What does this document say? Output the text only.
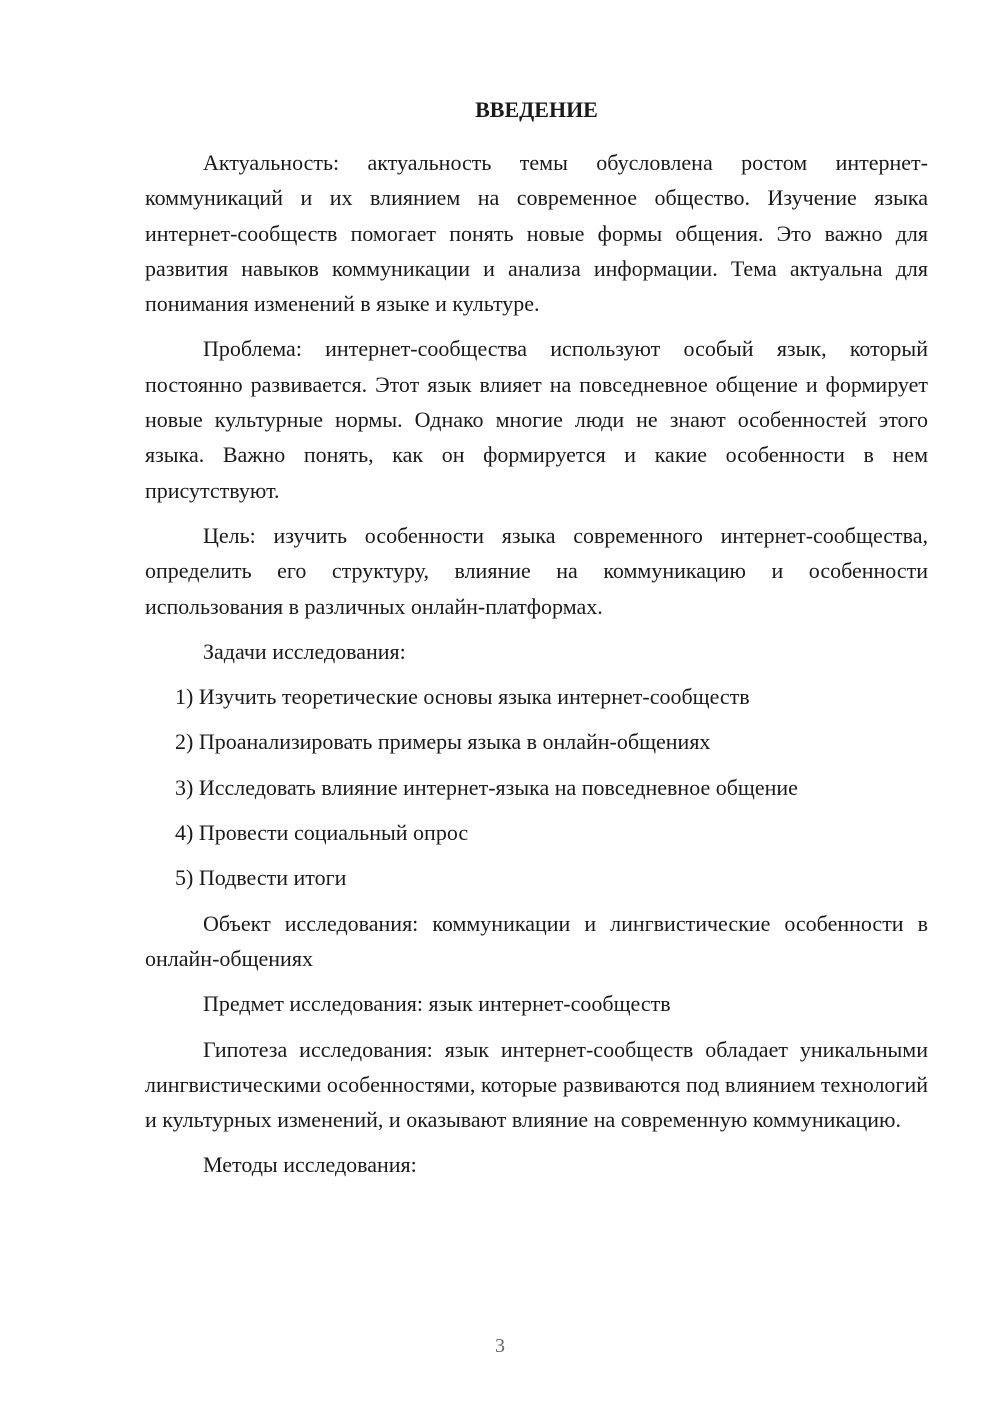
ВВЕДЕНИЕ

Актуальность: актуальность темы обусловлена ростом интернет-коммуникаций и их влиянием на современное общество. Изучение языка интернет-сообществ помогает понять новые формы общения. Это важно для развития навыков коммуникации и анализа информации. Тема актуальна для понимания изменений в языке и культуре.

Проблема: интернет-сообщества используют особый язык, который постоянно развивается. Этот язык влияет на повседневное общение и формирует новые культурные нормы. Однако многие люди не знают особенностей этого языка. Важно понять, как он формируется и какие особенности в нем присутствуют.

Цель: изучить особенности языка современного интернет-сообщества, определить его структуру, влияние на коммуникацию и особенности использования в различных онлайн-платформах.

Задачи исследования:

1) Изучить теоретические основы языка интернет-сообществ
2) Проанализировать примеры языка в онлайн-общениях
3) Исследовать влияние интернет-языка на повседневное общение
4) Провести социальный опрос
5) Подвести итоги

Объект исследования: коммуникации и лингвистические особенности в онлайн-общениях

Предмет исследования: язык интернет-сообществ

Гипотеза исследования: язык интернет-сообществ обладает уникальными лингвистическими особенностями, которые развиваются под влиянием технологий и культурных изменений, и оказывают влияние на современную коммуникацию.

Методы исследования:

3
